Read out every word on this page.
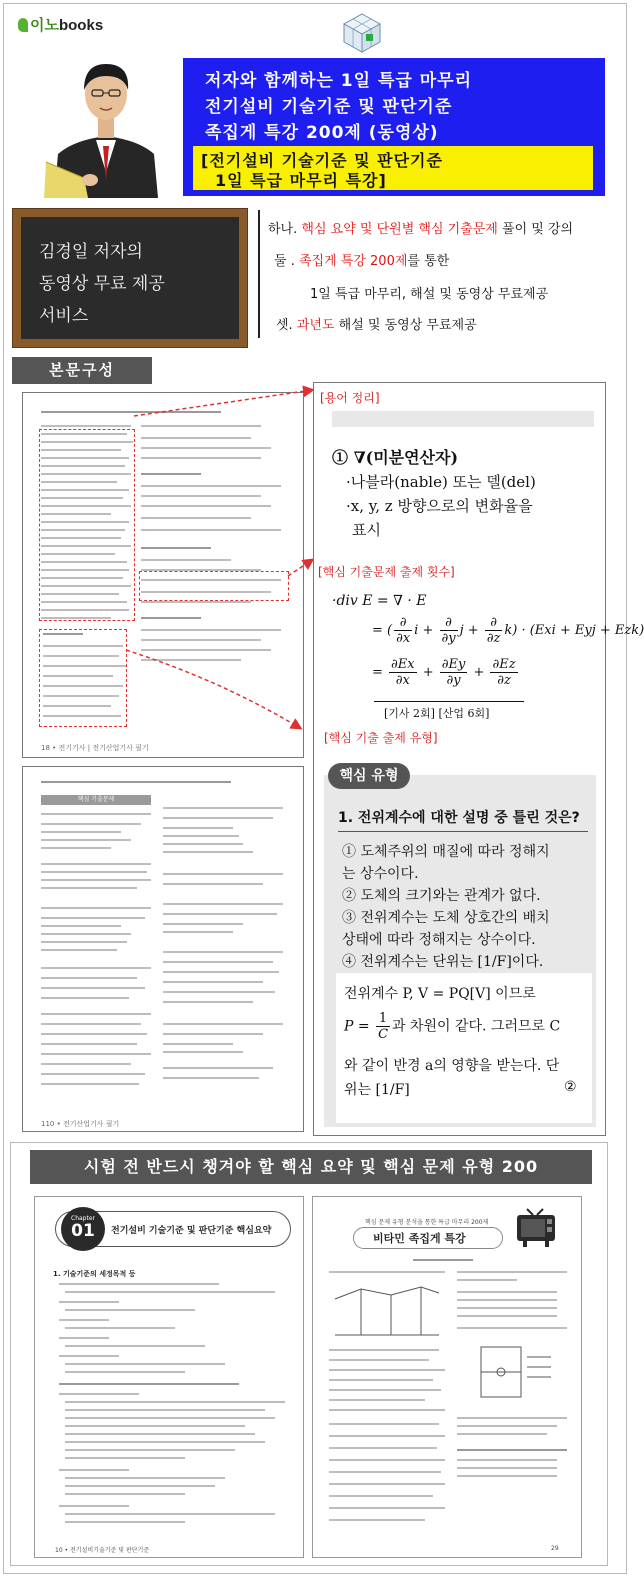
이노books
저자와 함께하는 1일 특급 마무리
전기설비 기술기준 및 판단기준
족집게 특강 200제 (동영상)
[전기설비 기술기준 및 판단기준
1일 특급 마무리 특강]
김경일 저자의
동영상 무료 제공
서비스
하나. 핵심 요약 및 단원별 핵심 기출문제 풀이 및 강의
둘 . 족집게 특강 200제를 통한
1일 특급 마무리, 해설 및 동영상 무료제공
셋. 과년도 해설 및 동영상 무료제공
본문구성
18 • 전기기사 | 전기산업기사 필기
핵심 기출문제
110 • 전기산업기사 필기
[용어 정리]
① ∇(미분연산자)
·나블라(nable) 또는 델(del)
·x, y, z 방향으로의 변화율을
표시
[핵심 기출문제 출제 횟수]
·div E = ∇ · E
= ( $\frac{\partial}{\partial x}$ $i + \frac{\partial}{\partial y}$ $j + \frac{\partial}{\partial z} k) \cdot (Exi$ + Eyj + Ezk)
= $\frac{\partial Ex}{\partial x} + \frac{\partial Ey}{\partial y} + \frac{\partial Ez}{\partial z}$
[기사 2회] [산업 6회]
[핵심 기출 출제 유형]
핵심 유형
1. 전위계수에 대한 설명 중 틀린 것은?
① 도체주위의 매질에 따라 정해지
는 상수이다.
② 도체의 크기와는 관계가 없다.
③ 전위계수는 도체 상호간의 배치
상태에 따라 정해지는 상수이다.
④ 전위계수는 단위는 [1/F]이다.
전위계수 P, V = PQ[V] 이므로
$P = \frac{1}{C}$ 과 차원이 같다. 그러므로 C
와 같이 반경 a의 영향을 받는다. 단
위는 [1/F]	②
시험 전 반드시 챙겨야 할 핵심 요약 및 핵심 문제 유형 200
Chapter
01	전기설비 기술기준 및 판단기준 핵심요약
1. 기술기준의 세정목적 등
10 • 전기설비기술기준 및 판단기준
핵심 문제 유형 분석을 통한 특급 마무리 200제
비타민 족집게 특강
29
